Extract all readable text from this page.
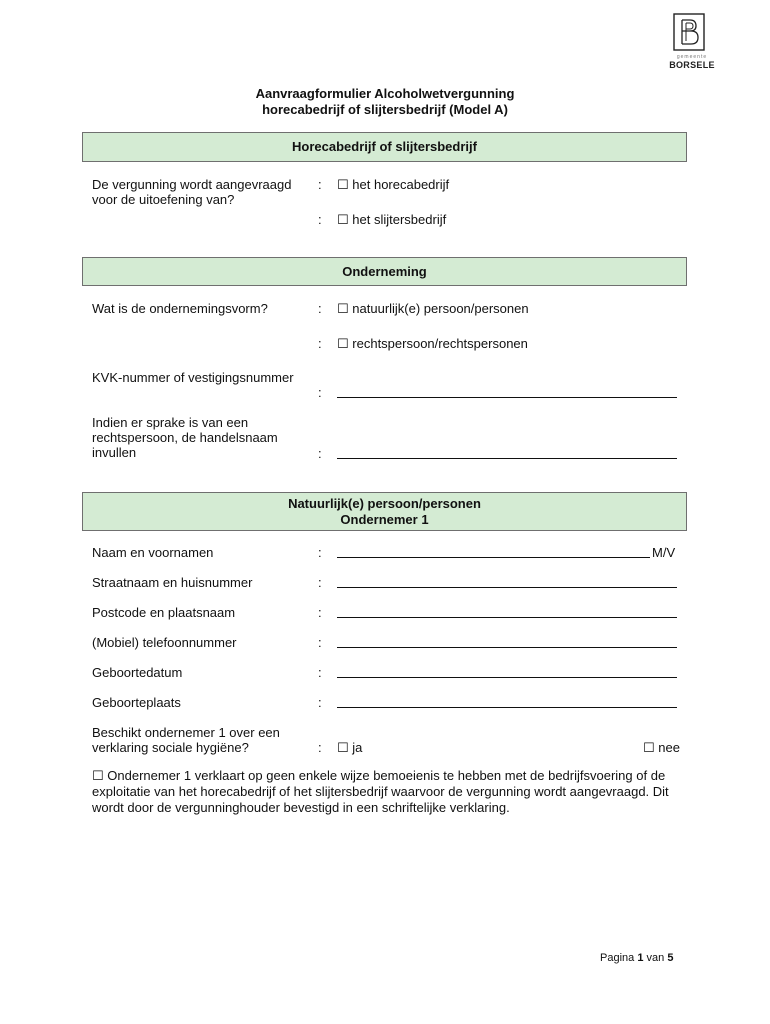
gemeente
BORSELE
Aanvraagformulier Alcoholwetvergunning
horecabedrijf of slijtersbedrijf (Model A)
Horecabedrijf of slijtersbedrijf
De vergunning wordt aangevraagd voor de uitoefening van?
: ☐ het horecabedrijf
: ☐ het slijtersbedrijf
Onderneming
Wat is de ondernemingsvorm?	: ☐ natuurlijk(e) persoon/personen
: ☐ rechtspersoon/rechtspersonen
KVK-nummer of vestigingsnummer
:
Indien er sprake is van een rechtspersoon, de handelsnaam invullen	:
Natuurlijk(e) persoon/personen
Ondernemer 1
Naam en voornamen	:	M/V
Straatnaam en huisnummer	:
Postcode en plaatsnaam	:
(Mobiel) telefoonnummer	:
Geboortedatum	:
Geboorteplaats	:
Beschikt ondernemer 1 over een verklaring sociale hygiëne?	: ☐ ja	☐ nee
☐ Ondernemer 1 verklaart op geen enkele wijze bemoeienis te hebben met de bedrijfsvoering of de exploitatie van het horecabedrijf of het slijtersbedrijf waarvoor de vergunning wordt aangevraagd. Dit wordt door de vergunninghouder bevestigd in een schriftelijke verklaring.
Pagina 1 van 5
